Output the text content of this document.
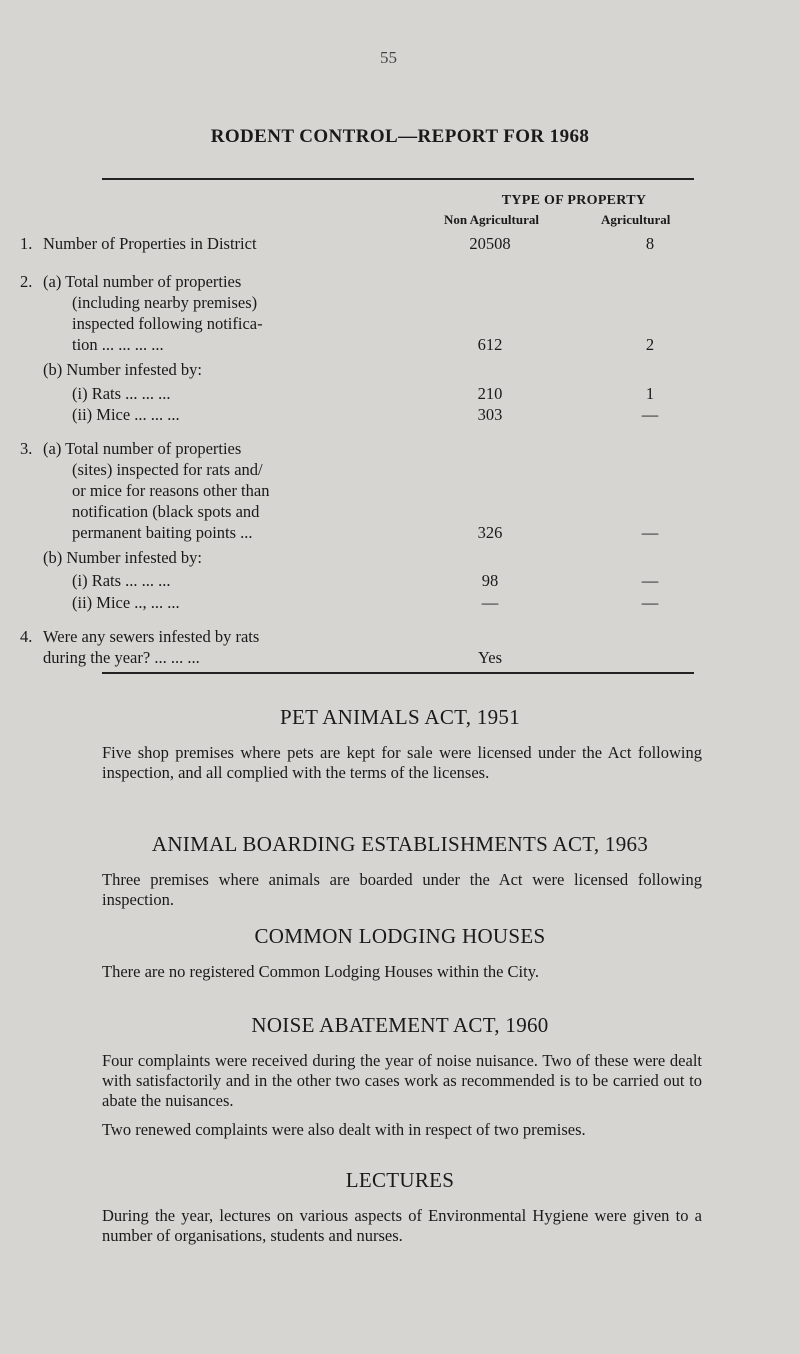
55
RODENT CONTROL—REPORT FOR 1968
TYPE OF PROPERTY
Non Agricultural	Agricultural
1. Number of Properties in District	20508	8
2. (a) Total number of properties
(including nearby premises)
inspected following notifica-
tion ... ... ... ...	612	2
(b) Number infested by:
(i) Rats ... ... ...	210	1
(ii) Mice ... ... ...	303	—
3. (a) Total number of properties
(sites) inspected for rats and/
or mice for reasons other than
notification (black spots and
permanent baiting points ...	326	—
(b) Number infested by:
(i) Rats ... ... ...	98	—
(ii) Mice .., ... ...	—	—
4. Were any sewers infested by rats
during the year? ... ... ...	Yes
PET ANIMALS ACT, 1951
Five shop premises where pets are kept for sale were licensed under the Act following inspection, and all complied with the terms of the licenses.
ANIMAL BOARDING ESTABLISHMENTS ACT, 1963
Three premises where animals are boarded under the Act were licensed following inspection.
COMMON LODGING HOUSES
There are no registered Common Lodging Houses within the City.
NOISE ABATEMENT ACT, 1960
Four complaints were received during the year of noise nuisance. Two of these were dealt with satisfactorily and in the other two cases work as recommended is to be carried out to abate the nuisances.
Two renewed complaints were also dealt with in respect of two premises.
LECTURES
During the year, lectures on various aspects of Environmental Hygiene were given to a number of organisations, students and nurses.
